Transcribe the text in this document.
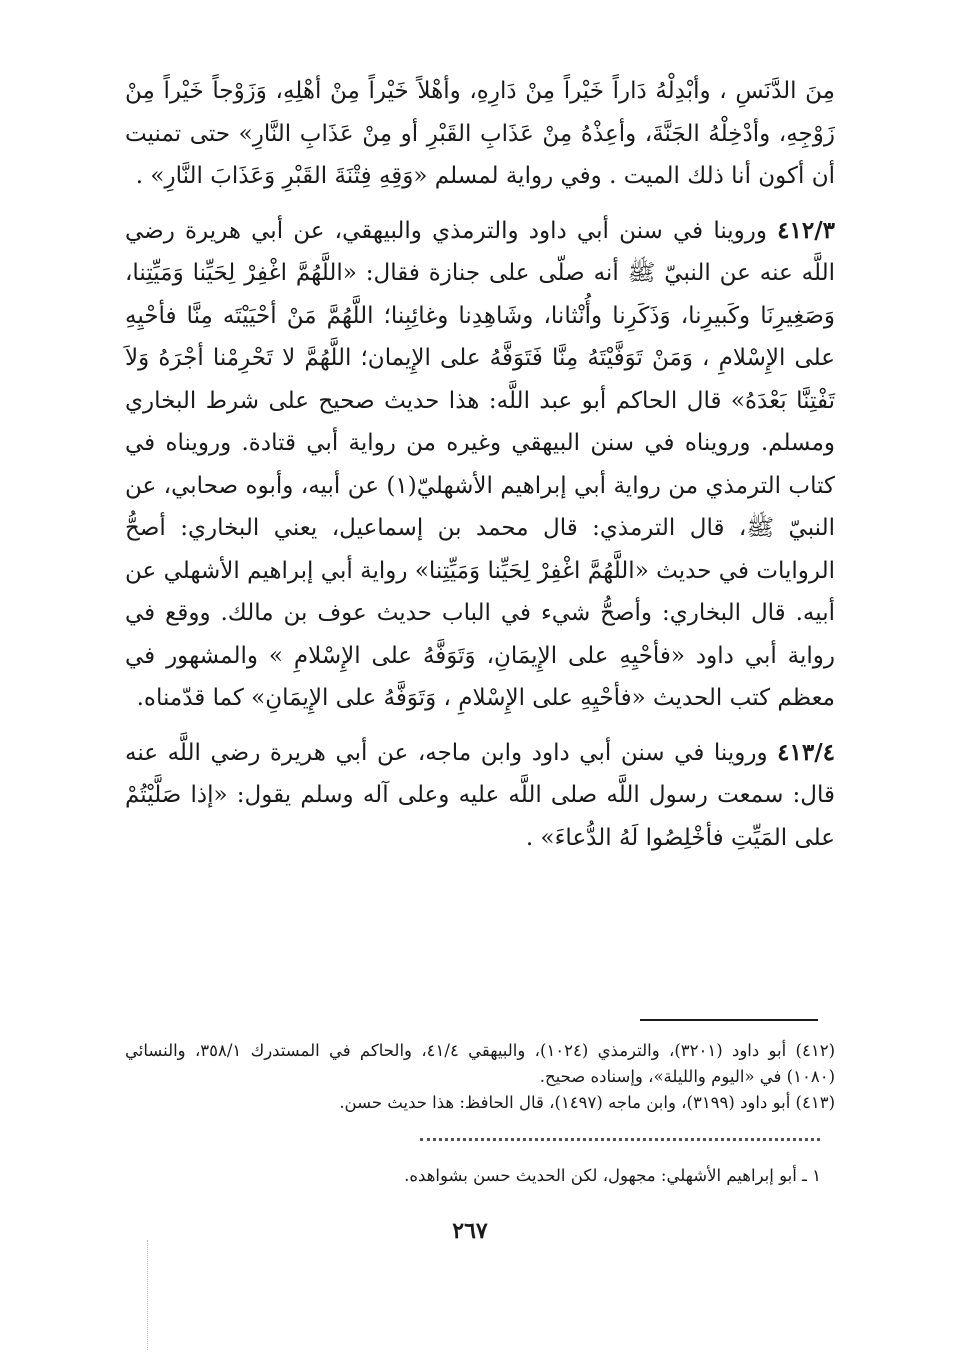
مِنَ الدَّنَسِ ، وأبْدِلْهُ دَاراً خَيْراً مِنْ دَارِهِ، وأهْلاً خَيْراً مِنْ أهْلِهِ، وَزَوْجاً خَيْراً مِنْ زَوْجِهِ، وأدْخِلْهُ الجَنَّةَ، وأعِذْهُ مِنْ عَذَابِ القَبْرِ أو مِنْ عَذَابِ النَّارِ» حتى تمنيت أن أكون أنا ذلك الميت . وفي رواية لمسلم «وَقِهِ فِتْنَةَ القَبْرِ وَعَذَابَ النَّارِ» .

٤١٢/٣ وروينا في سنن أبي داود والترمذي والبيهقي، عن أبي هريرة رضي اللَّه عنه عن النبيّ ﷺ أنه صلّى على جنازة فقال: «اللَّهُمَّ اغْفِرْ لِحَيِّنا وَمَيِّتِنا، وَصَغِيرِنَا وكَبيرِنا، وَذَكَرِنا وأُنْثانا، وشَاهِدِنا وغائِبِنا؛ اللَّهُمَّ مَنْ أحْيَيْتَه مِنَّا فأحْيِهِ على الإِسْلامِ ، وَمَنْ تَوَفَّيْتَهُ مِنَّا فَتَوَفَّهُ على الإِيمان؛ اللَّهُمَّ لا تَحْرِمْنا أجْرَهُ وَلاَ تَفْتِنَّا بَعْدَهُ» قال الحاكم أبو عبد اللَّه: هذا حديث صحيح على شرط البخاري ومسلم. ورويناه في سنن البيهقي وغيره من رواية أبي قتادة. ورويناه في كتاب الترمذي من رواية أبي إبراهيم الأشهليّ(١) عن أبيه، وأبوه صحابي، عن النبيّ ﷺ، قال الترمذي: قال محمد بن إسماعيل، يعني البخاري: أصحُّ الروايات في حديث «اللَّهُمَّ اغْفِرْ لِحَيِّنا وَمَيِّتِنا» رواية أبي إبراهيم الأشهلي عن أبيه. قال البخاري: وأصحُّ شيء في الباب حديث عوف بن مالك. ووقع في رواية أبي داود «فأحْيِهِ على الإِيمَانِ، وَتَوَفَّهُ على الإِسْلامِ » والمشهور في معظم كتب الحديث «فأحْيِهِ على الإِسْلامِ ، وَتَوَفَّهُ على الإِيمَانِ» كما قدّمناه.

٤١٣/٤ وروينا في سنن أبي داود وابن ماجه، عن أبي هريرة رضي اللَّه عنه قال: سمعت رسول اللَّه صلى اللَّه عليه وعلى آله وسلم يقول: «إذا صَلَّيْتُمْ على المَيِّتِ فأخْلِصُوا لَهُ الدُّعاءَ» .

(٤١٢) أبو داود (٣٢٠١)، والترمذي (١٠٢٤)، والبيهقي ٤١/٤، والحاكم في المستدرك ٣٥٨/١، والنسائي (١٠٨٠) في «اليوم والليلة»، وإسناده صحيح.

(٤١٣) أبو داود (٣١٩٩)، وابن ماجه (١٤٩٧)، قال الحافظ: هذا حديث حسن.

١ ـ أبو إبراهيم الأشهلي: مجهول، لكن الحديث حسن بشواهده.

٢٦٧
